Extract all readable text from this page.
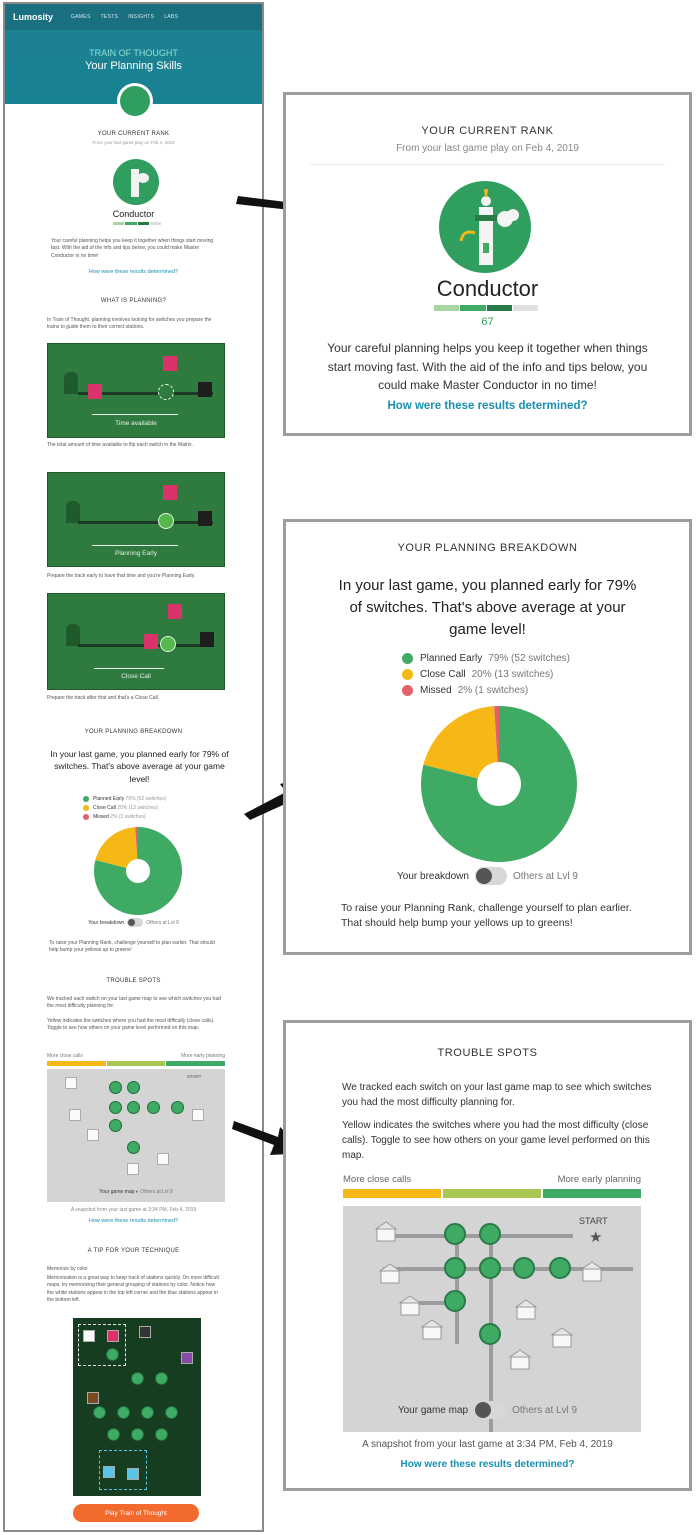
Lumosity	GAMES TESTS INSIGHTS LABS
TRAIN OF THOUGHT
Your Planning Skills
YOUR CURRENT RANK
From your last game play on Feb 4, 2019
Conductor
Your careful planning helps you keep it together when things start moving fast. With the aid of the info and tips below, you could make Master Conductor in no time!
How were these results determined?
WHAT IS PLANNING?
In Train of Thought, planning involves looking for switches you prepare the trains to guide them to their correct stations.
Time available
The total amount of time available to flip each switch in the Matrix.
Planning Early
Prepare the track early to have that time and you're Planning Early.
Close Call
Prepare the track after that and that's a Close Call.
YOUR PLANNING BREAKDOWN
In your last game, you planned early for 79% of switches. That's above average at your game level!
Planned Early
79% (52 switches)
Close Call
20% (13 switches)
Missed
2% (1 switches)
Your breakdown	Others at Lvl 9
To raise your Planning Rank, challenge yourself to plan earlier. That should help bump your yellows up to greens!
TROUBLE SPOTS
We tracked each switch on your last game map to see which switches you had the most difficulty planning for.
Yellow indicates the switches where you had the most difficulty (close calls). Toggle to see how others on your game level performed on this map.
More close calls	More early planning
START
Your game map ◐ Others at Lvl 9
A snapshot from your last game at 3:34 PM, Feb 4, 2019
How were these results determined?
A TIP FOR YOUR TECHNIQUE
Memorize by color
Memorization is a great way to keep track of stations quickly. On more difficult maps, try memorizing their general grouping of stations by color. Notice how the white stations appear in the top left corner and the blue stations appear in the bottom left.
Play Train of Thought
YOUR CURRENT RANK
From your last game play on Feb 4, 2019
Conductor
67
Your careful planning helps you keep it together when things start moving fast. With the aid of the info and tips below, you could make Master Conductor in no time!
How were these results determined?
YOUR PLANNING BREAKDOWN
In your last game, you planned early for 79% of switches. That's above average at your game level!
Planned Early 79% (52 switches)
Close Call 20% (13 switches)
Missed 2% (1 switches)
Your breakdown	Others at Lvl 9
To raise your Planning Rank, challenge yourself to plan earlier. That should help bump your yellows up to greens!
TROUBLE SPOTS
We tracked each switch on your last game map to see which switches you had the most difficulty planning for.
Yellow indicates the switches where you had the most difficulty (close calls). Toggle to see how others on your game level performed on this map.
More close calls	More early planning
START
★
Your game map	Others at Lvl 9
A snapshot from your last game at 3:34 PM, Feb 4, 2019
How were these results determined?
